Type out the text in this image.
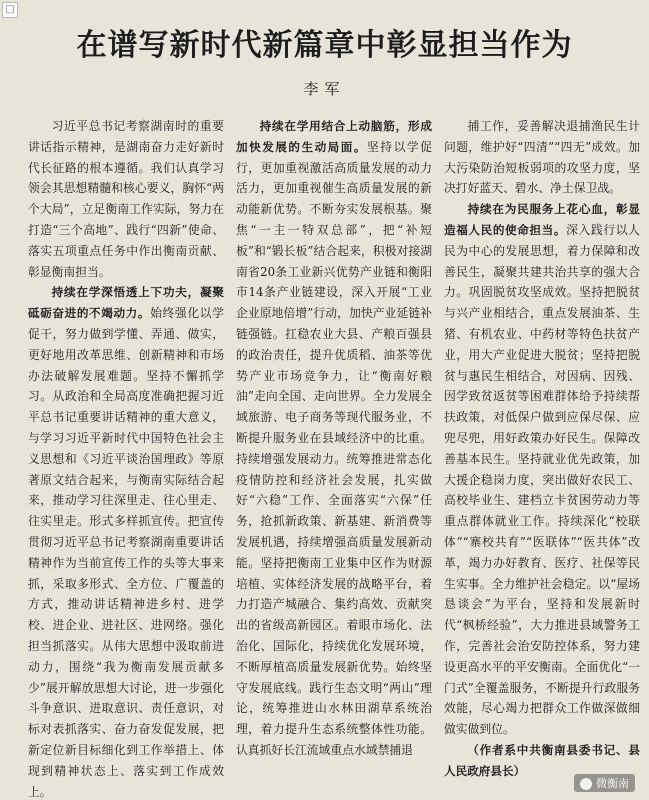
□
在谱写新时代新篇章中彰显担当作为
李军

习近平总书记考察湖南时的重要讲话指示精神，是湖南奋力走好新时代长征路的根本遵循。我们认真学习领会其思想精髓和核心要义，胸怀“两个大局”，立足衡南工作实际，努力在打造“三个高地”、践行“四新”使命、落实五项重点任务中作出衡南贡献、彰显衡南担当。

持续在学深悟透上下功夫，凝聚砥砺奋进的不竭动力。始终强化以学促干，努力做到学懂、弄通、做实，更好地用改革思维、创新精神和市场办法破解发展难题。坚持不懈抓学习。从政治和全局高度准确把握习近平总书记重要讲话精神的重大意义，与学习习近平新时代中国特色社会主义思想和《习近平谈治国理政》等原著原文结合起来，与衡南实际结合起来，推动学习往深里走、往心里走、往实里走。形式多样抓宣传。把宣传贯彻习近平总书记考察湖南重要讲话精神作为当前宣传工作的头等大事来抓，采取多形式、全方位、广覆盖的方式，推动讲话精神进乡村、进学校、进企业、进社区、进网络。强化担当抓落实。从伟大思想中汲取前进动力，围绕“我为衡南发展贡献多少”展开解放思想大讨论，进一步强化斗争意识、进取意识、责任意识，对标对表抓落实、奋力奋发促发展，把新定位新目标细化到工作举措上、体现到精神状态上、落实到工作成效上。

持续在学用结合上动脑筋，形成加快发展的生动局面。坚持以学促行，更加重视激活高质量发展的动力活力，更加重视催生高质量发展的新动能新优势。不断夯实发展根基。聚焦“一主一特双总部”，把“补短板”和“锻长板”结合起来，积极对接湖南省20条工业新兴优势产业链和衡阳市14条产业链建设，深入开展“工业企业原地倍增”行动，加快产业延链补链强链。扛稳农业大县、产粮百强县的政治责任，提升优质稻、油茶等优势产业市场竞争力，让“衡南好粮油”走向全国、走向世界。全力发展全域旅游、电子商务等现代服务业，不断提升服务业在县域经济中的比重。持续增强发展动力。统筹推进常态化疫情防控和经济社会发展，扎实做好“六稳”工作、全面落实“六保”任务，抢抓新政策、新基建、新消费等发展机遇，持续增强高质量发展新动能。坚持把衡南工业集中区作为财源培植、实体经济发展的战略平台，着力打造产城融合、集约高效、贡献突出的省级高新园区。着眼市场化、法治化、国际化，持续优化发展环境，不断厚植高质量发展新优势。始终坚守发展底线。践行生态文明“两山”理论，统筹推进山水林田湖草系统治理，着力提升生态系统整体性功能。认真抓好长江流域重点水域禁捕退

捕工作，妥善解决退捕渔民生计问题，维护好“四清”“四无”成效。加大污染防治短板弱项的攻坚力度，坚决打好蓝天、碧水、净土保卫战。

持续在为民服务上花心血，彰显造福人民的使命担当。深入践行以人民为中心的发展思想，着力保障和改善民生，凝聚共建共治共享的强大合力。巩固脱贫攻坚成效。坚持把脱贫与兴产业相结合，重点发展油茶、生猪、有机农业、中药材等特色扶贫产业，用大产业促进大脱贫；坚持把脱贫与惠民生相结合，对因病、因残、因学致贫返贫等困难群体给予持续帮扶政策，对低保户做到应保尽保、应兜尽兜，用好政策办好民生。保障改善基本民生。坚持就业优先政策，加大援企稳岗力度，突出做好农民工、高校毕业生、建档立卡贫困劳动力等重点群体就业工作。持续深化“校联体”“寨校共育”“医联体”“医共体”改革，竭力办好教育、医疗、社保等民生实事。全力维护社会稳定。以“屋场恳谈会”为平台，坚持和发展新时代“枫桥经验”，大力推进县域警务工作，完善社会治安防控体系，努力建设更高水平的平安衡南。全面优化“一门式”全覆盖服务，不断提升行政服务效能，尽心竭力把群众工作做深做细做实做到位。

（作者系中共衡南县委书记、县人民政府县长）

微衡南
